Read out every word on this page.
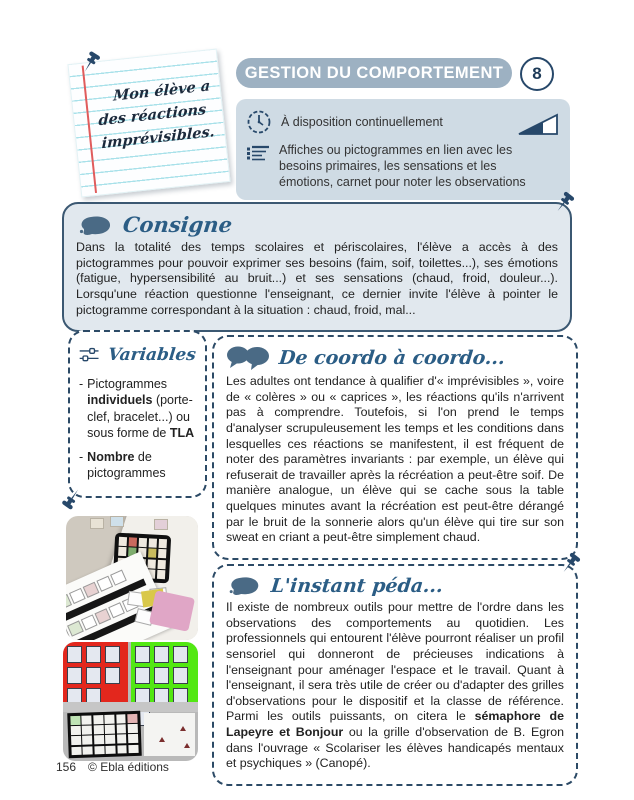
Mon élève a
des réactions
imprévisibles.
GESTION DU COMPORTEMENT 8
À disposition continuellement
Affiches ou pictogrammes en lien avec les besoins primaires, les sensations et les émotions, carnet pour noter les observations
Consigne

Dans la totalité des temps scolaires et périscolaires, l'élève a accès à des pictogrammes pour pouvoir exprimer ses besoins (faim, soif, toilettes...), ses émotions (fatigue, hypersensibilité au bruit...) et ses sensations (chaud, froid, douleur...). Lorsqu'une réaction questionne l'enseignant, ce dernier invite l'élève à pointer le pictogramme correspondant à la situation : chaud, froid, mal...

Variables
- Pictogrammes individuels (porte-clef, bracelet...) ou sous forme de TLA
- Nombre de pictogrammes
De coordo à coordo...

Les adultes ont tendance à qualifier d'« imprévisibles », voire de « colères » ou « caprices », les réactions qu'ils n'arrivent pas à comprendre. Toutefois, si l'on prend le temps d'analyser scrupuleusement les temps et les conditions dans lesquelles ces réactions se manifestent, il est fréquent de noter des paramètres invariants : par exemple, un élève qui refuserait de travailler après la récréation a peut-être soif. De manière analogue, un élève qui se cache sous la table quelques minutes avant la récréation est peut-être dérangé par le bruit de la sonnerie alors qu'un élève qui tire sur son sweat en criant a peut-être simplement chaud.

L'instant péda...

Il existe de nombreux outils pour mettre de l'ordre dans les observations des comportements au quotidien. Les professionnels qui entourent l'élève pourront réaliser un profil sensoriel qui donneront de précieuses indications à l'enseignant pour aménager l'espace et le travail. Quant à l'enseignant, il sera très utile de créer ou d'adapter des grilles d'observations pour le dispositif et la classe de référence. Parmi les outils puissants, on citera le sémaphore de Lapeyre et Bonjour ou la grille d'observation de B. Egron dans l'ouvrage « Scolariser les élèves handicapés mentaux et psychiques » (Canopé).

156 © Ebla éditions
